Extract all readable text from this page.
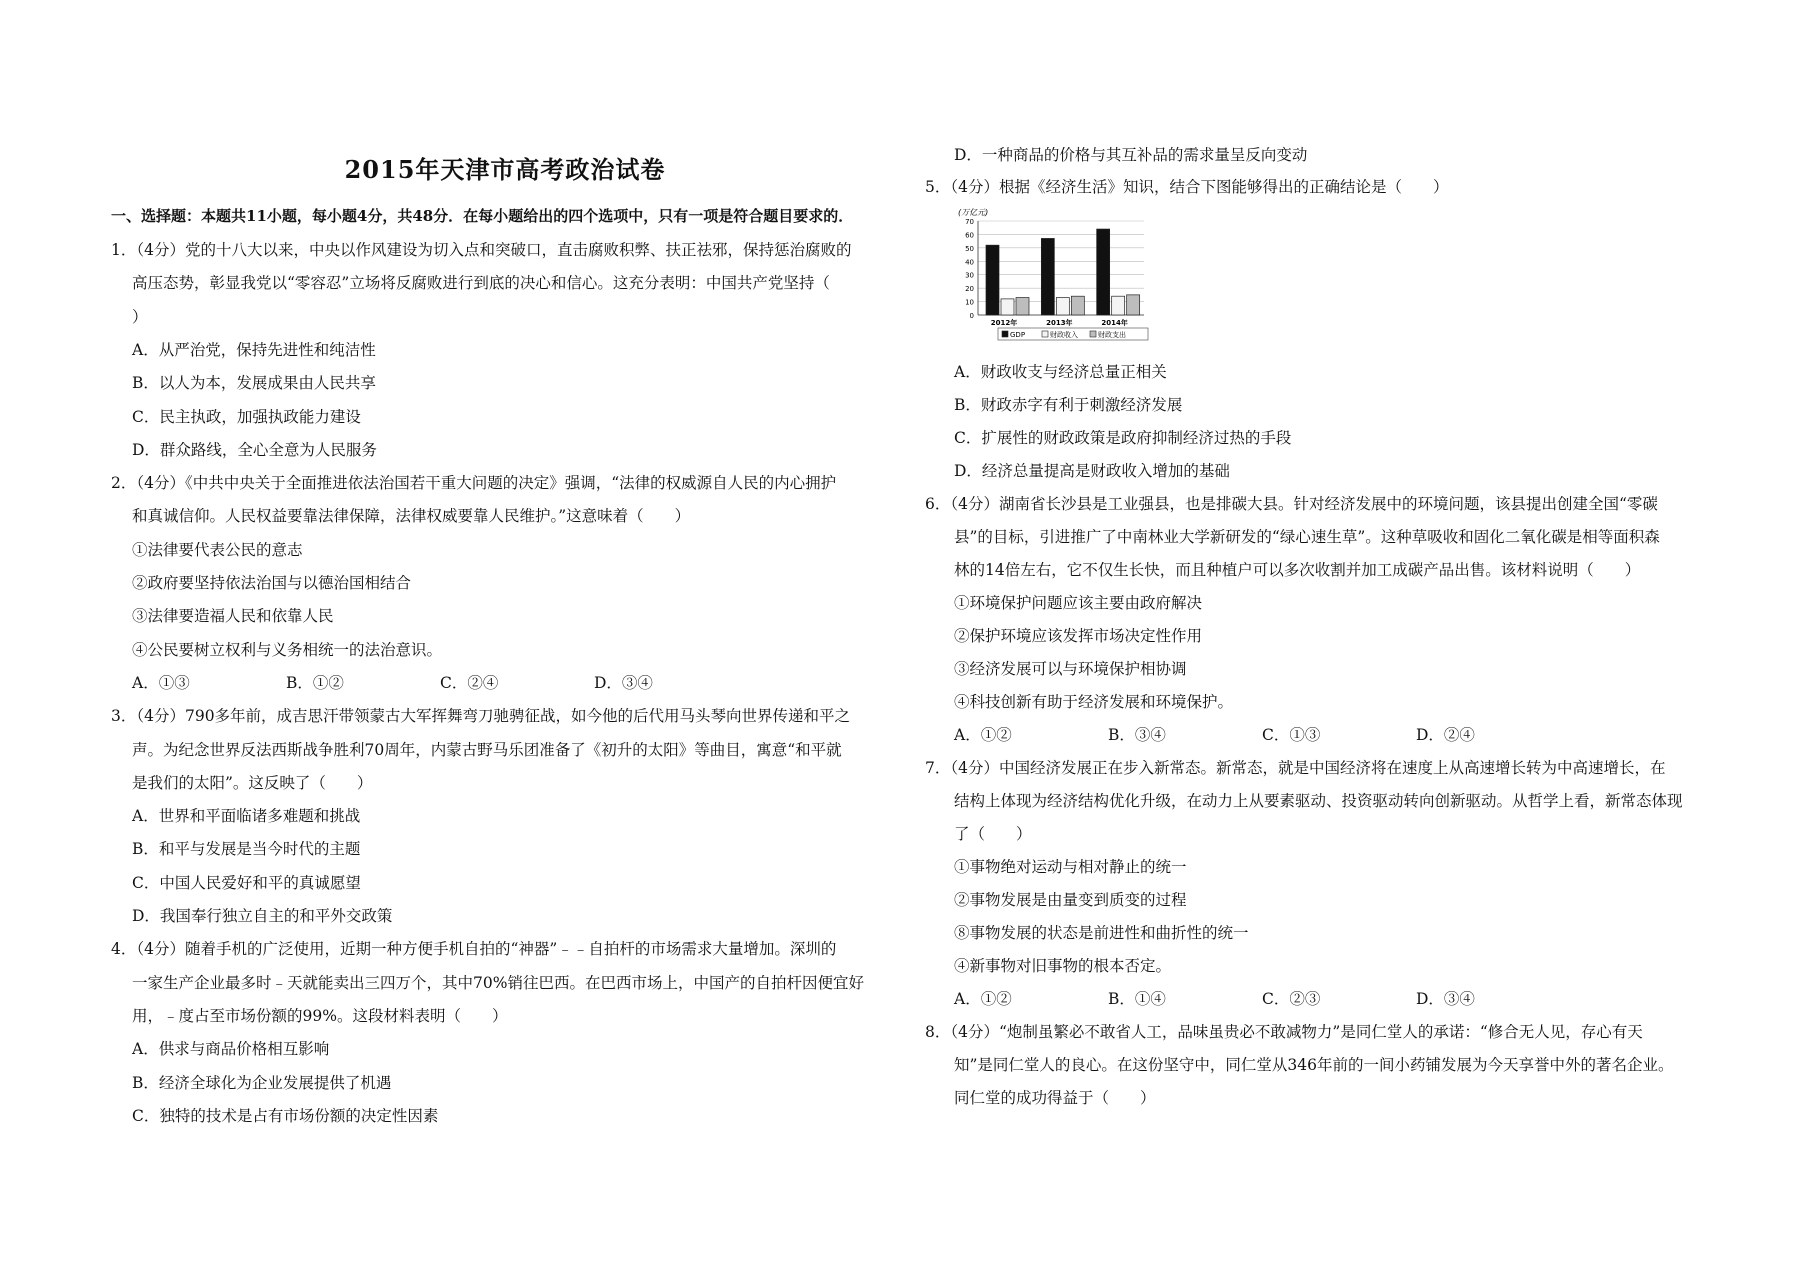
2015年天津市高考政治试卷
一、选择题：本题共11小题，每小题4分，共48分．在每小题给出的四个选项中，只有一项是符合题目要求的．
1．（4分）党的十八大以来，中央以作风建设为切入点和突破口，直击腐败积弊、扶正祛邪，保持惩治腐败的
高压态势，彰显我党以“零容忍”立场将反腐败进行到底的决心和信心。这充分表明：中国共产党坚持（
）
A．从严治党，保持先进性和纯洁性
B．以人为本，发展成果由人民共享
C．民主执政，加强执政能力建设
D．群众路线，全心全意为人民服务
2．（4分）《中共中央关于全面推进依法治国若干重大问题的决定》强调，“法律的权威源自人民的内心拥护
和真诚信仰。人民权益要靠法律保障，法律权威要靠人民维护。”这意味着（　　）
①法律要代表公民的意志
②政府要坚持依法治国与以德治国相结合
③法律要造福人民和依靠人民
④公民要树立权利与义务相统一的法治意识。
A．①③	B．①②	C．②④	D．③④
3．（4分）790多年前，成吉思汗带领蒙古大军挥舞弯刀驰骋征战，如今他的后代用马头琴向世界传递和平之
声。为纪念世界反法西斯战争胜利70周年，内蒙古野马乐团准备了《初升的太阳》等曲目，寓意“和平就
是我们的太阳”。这反映了（　　）
A．世界和平面临诸多难题和挑战
B．和平与发展是当今时代的主题
C．中国人民爱好和平的真诚愿望
D．我国奉行独立自主的和平外交政策
4．（4分）随着手机的广泛使用，近期一种方便手机自拍的“神器”﹣﹣自拍杆的市场需求大量增加。深圳的
一家生产企业最多时﹣天就能卖出三四万个，其中70%销往巴西。在巴西市场上，中国产的自拍杆因便宜好
用，﹣度占至市场份额的99%。这段材料表明（　　）
A．供求与商品价格相互影响
B．经济全球化为企业发展提供了机遇
C．独特的技术是占有市场份额的决定性因素
D．一种商品的价格与其互补品的需求量呈反向变动
5．（4分）根据《经济生活》知识，结合下图能够得出的正确结论是（　　）
(万亿元)
0
10
20
30
40
50
60
70
2012年	2013年	2014年
GDP	财政收入	财政支出
A．财政收支与经济总量正相关
B．财政赤字有利于刺激经济发展
C．扩展性的财政政策是政府抑制经济过热的手段
D．经济总量提高是财政收入增加的基础
6．（4分）湖南省长沙县是工业强县，也是排碳大县。针对经济发展中的环境问题，该县提出创建全国“零碳
县”的目标，引进推广了中南林业大学新研发的“绿心速生草”。这种草吸收和固化二氧化碳是相等面积森
林的14倍左右，它不仅生长快，而且种植户可以多次收割并加工成碳产品出售。该材料说明（　　）
①环境保护问题应该主要由政府解决
②保护环境应该发挥市场决定性作用
③经济发展可以与环境保护相协调
④科技创新有助于经济发展和环境保护。
A．①②	B．③④	C．①③	D．②④
7．（4分）中国经济发展正在步入新常态。新常态，就是中国经济将在速度上从高速增长转为中高速增长，在
结构上体现为经济结构优化升级，在动力上从要素驱动、投资驱动转向创新驱动。从哲学上看，新常态体现
了（　　）
①事物绝对运动与相对静止的统一
②事物发展是由量变到质变的过程
⑧事物发展的状态是前进性和曲折性的统一
④新事物对旧事物的根本否定。
A．①②	B．①④	C．②③	D．③④
8．（4分）“炮制虽繁必不敢省人工，品味虽贵必不敢减物力”是同仁堂人的承诺：“修合无人见，存心有天
知”是同仁堂人的良心。在这份坚守中，同仁堂从346年前的一间小药铺发展为今天享誉中外的著名企业。
同仁堂的成功得益于（　　）
